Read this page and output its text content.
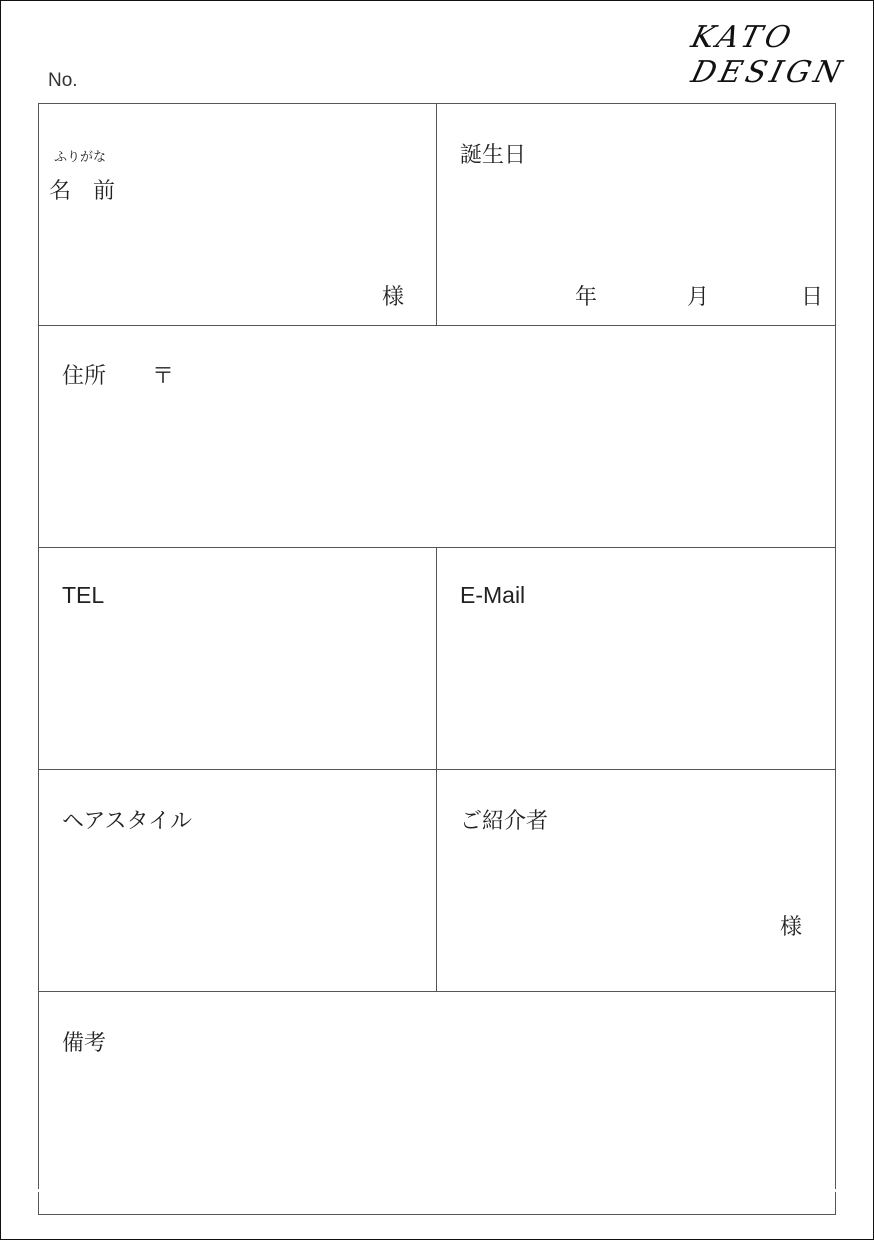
No.
KATO
DESIGN
ふりがな
名　前
様
誕生日
年	月	日
住所 〒
TEL	E-Mail
ヘアスタイル	ご紹介者
様
備考
